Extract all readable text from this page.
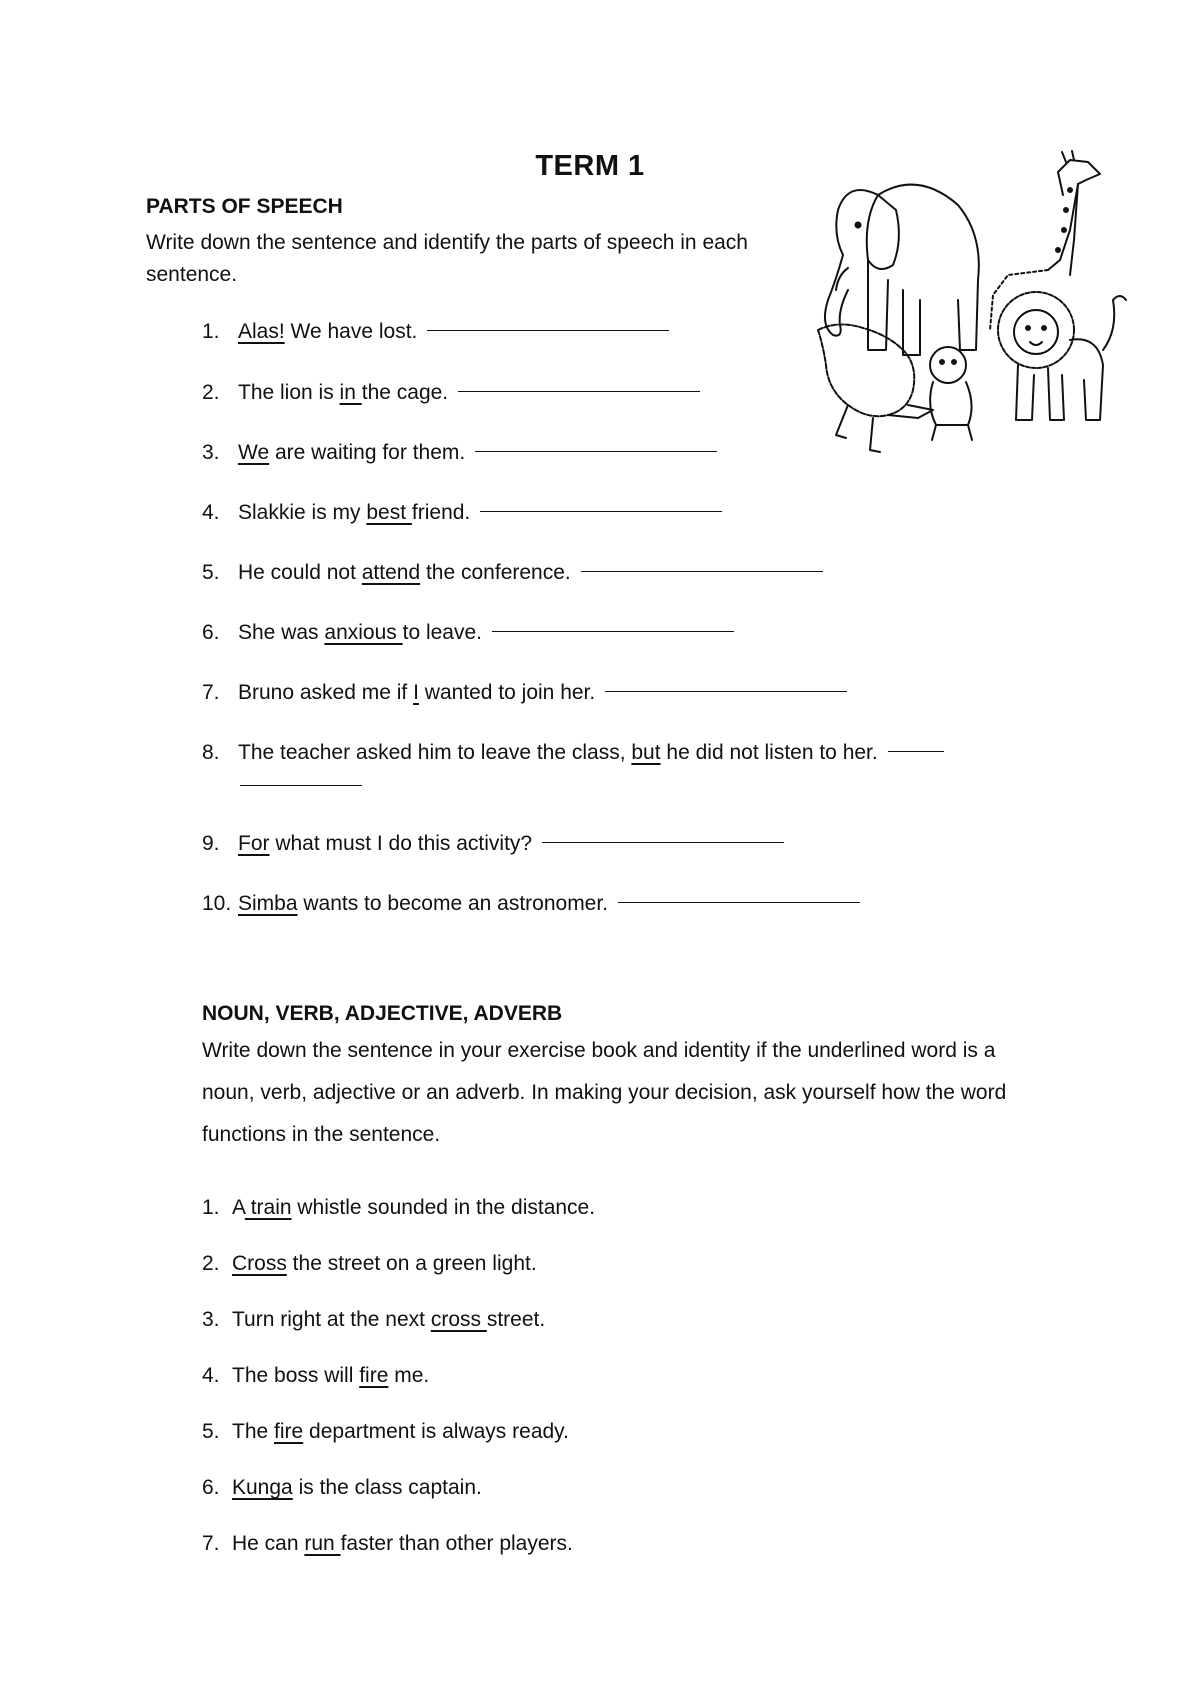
TERM 1
PARTS OF SPEECH
Write down the sentence and identify the parts of speech in each sentence.
1. Alas! We have lost.
2. The lion is in the cage.
3. We are waiting for them.
4. Slakkie is my best friend.
5. He could not attend the conference.
6. She was anxious to leave.
7. Bruno asked me if I wanted to join her.
8. The teacher asked him to leave the class, but he did not listen to her.
9. For what must I do this activity?
10. Simba wants to become an astronomer.
NOUN, VERB, ADJECTIVE, ADVERB
Write down the sentence in your exercise book and identity if the underlined word is a noun, verb, adjective or an adverb. In making your decision, ask yourself how the word functions in the sentence.
1. A train whistle sounded in the distance.
2. Cross the street on a green light.
3. Turn right at the next cross street.
4. The boss will fire me.
5. The fire department is always ready.
6. Kunga is the class captain.
7. He can run faster than other players.
